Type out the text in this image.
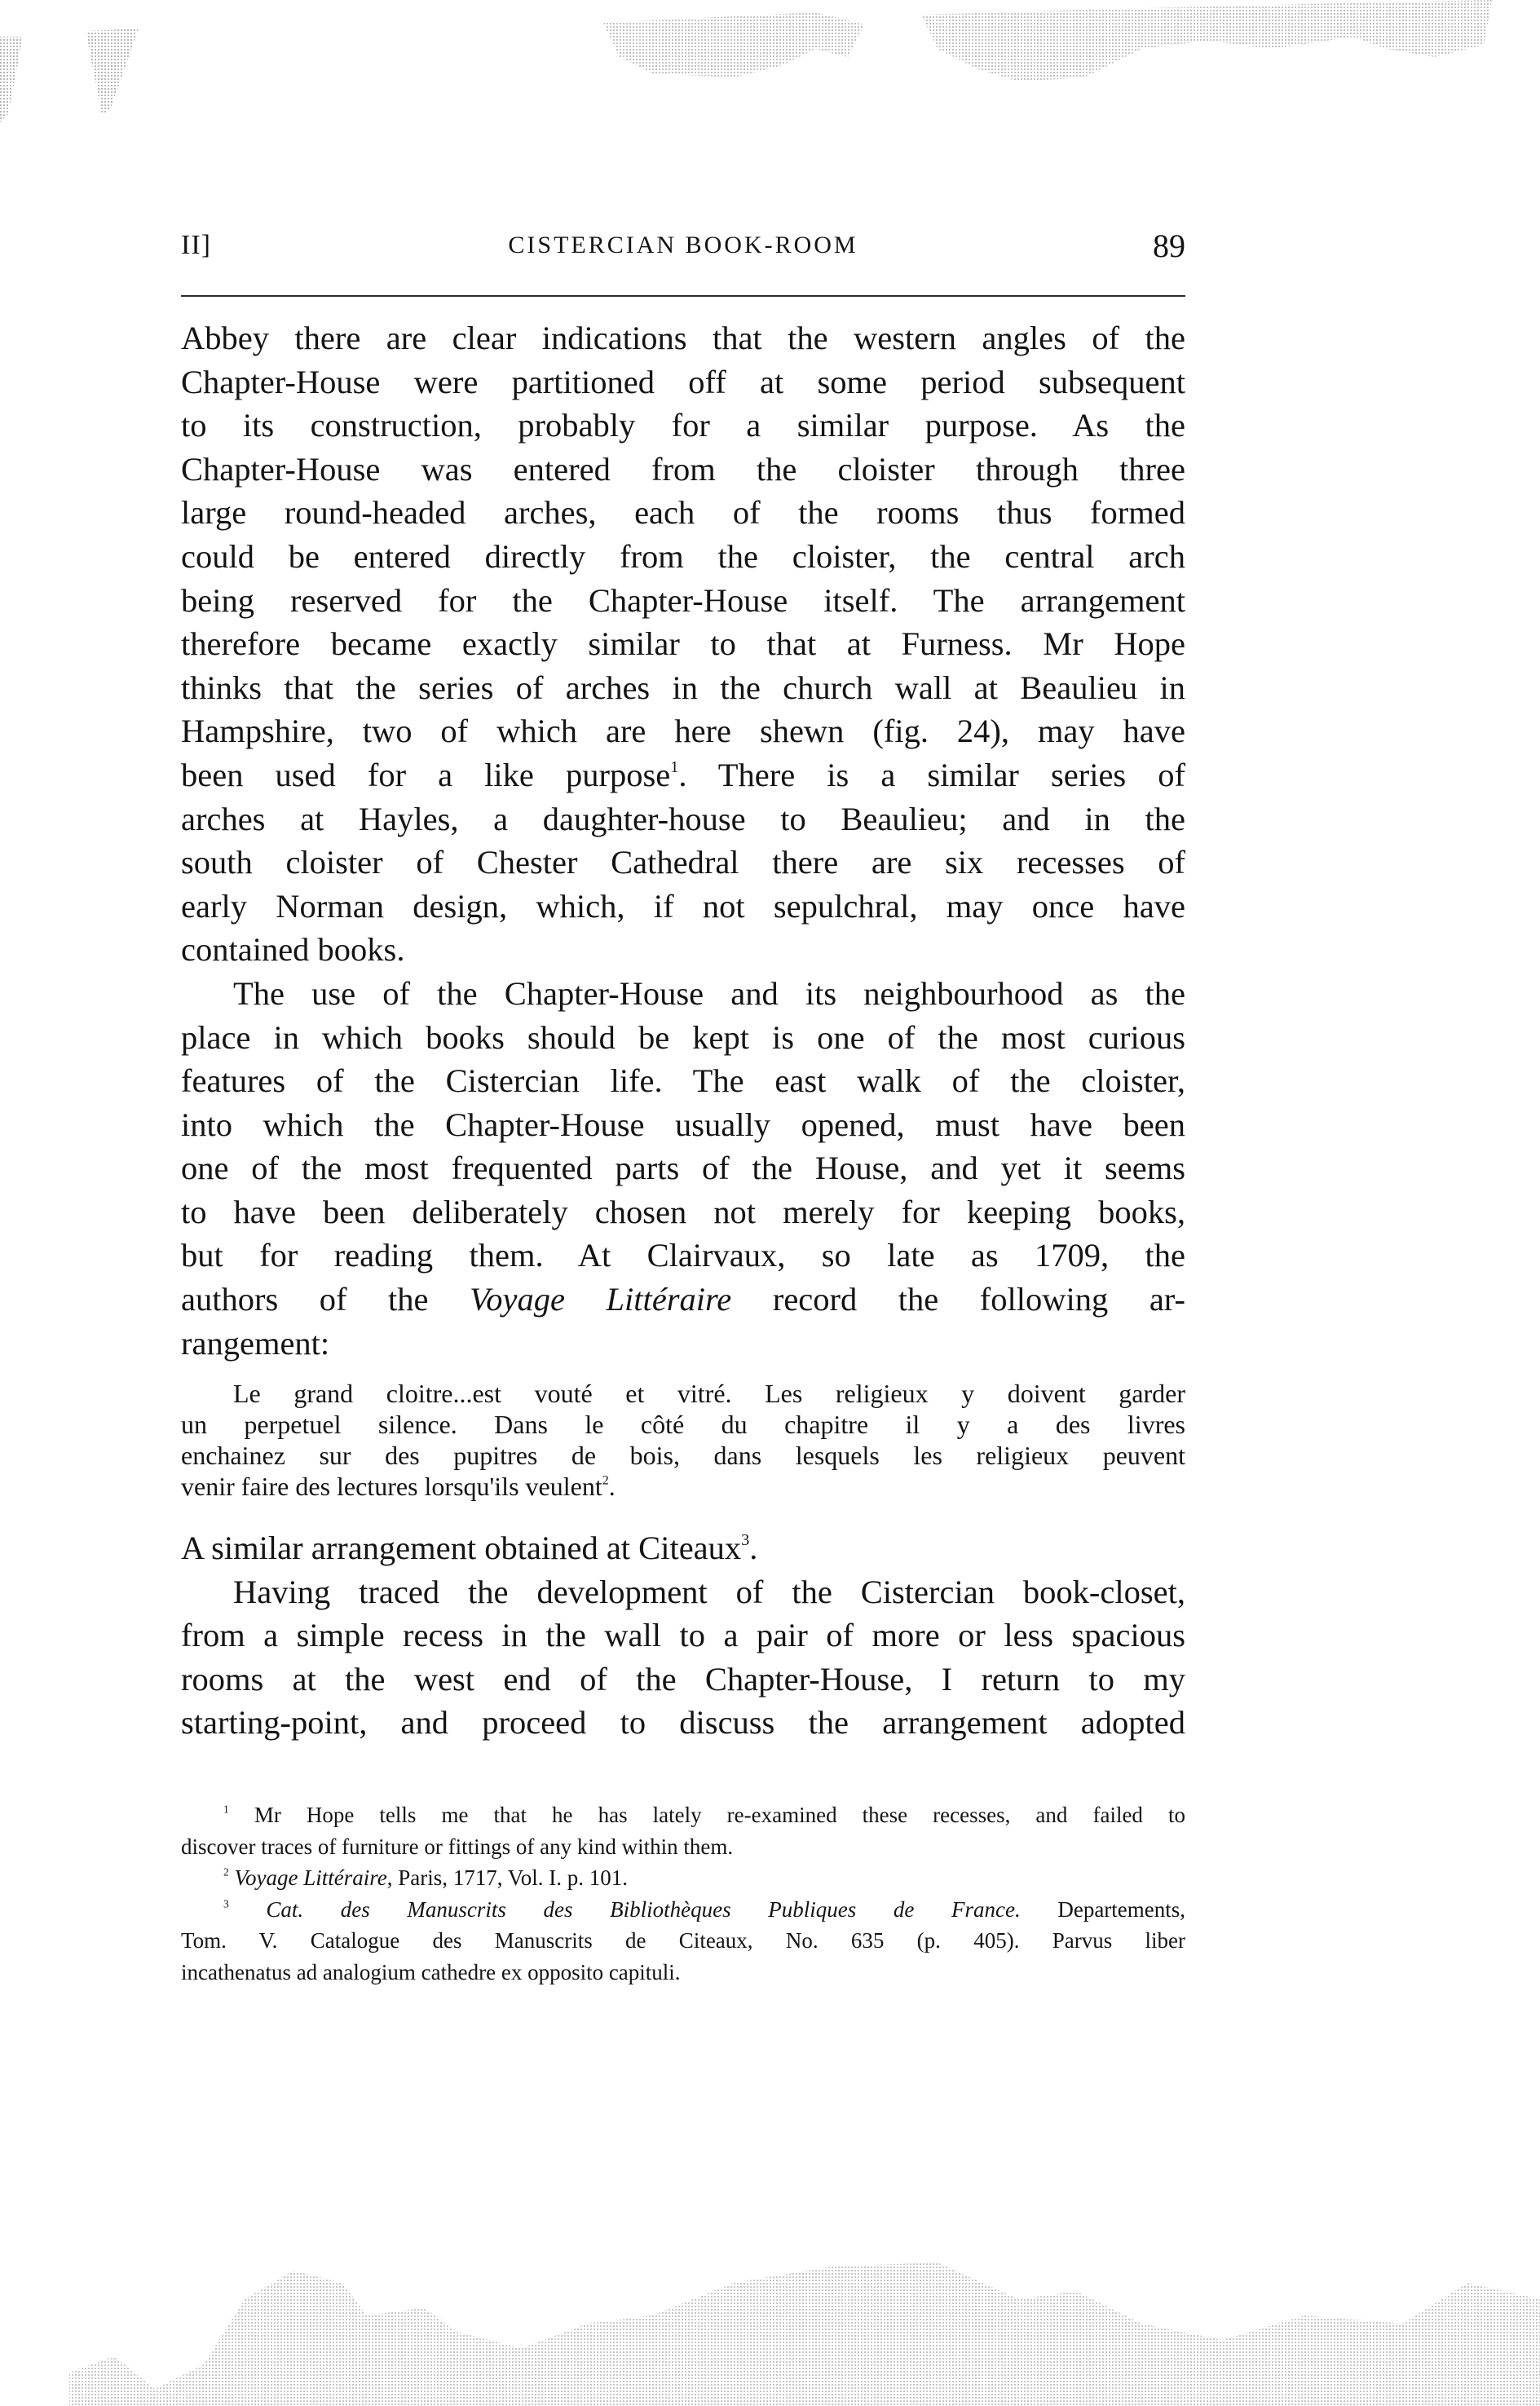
II]	CISTERCIAN BOOK-ROOM	89
Abbey there are clear indications that the western angles of the
Chapter-House were partitioned off at some period subsequent
to its construction, probably for a similar purpose. As the
Chapter-House was entered from the cloister through three
large round-headed arches, each of the rooms thus formed
could be entered directly from the cloister, the central arch
being reserved for the Chapter-House itself. The arrangement
therefore became exactly similar to that at Furness. Mr Hope
thinks that the series of arches in the church wall at Beaulieu in
Hampshire, two of which are here shewn (fig. 24), may have
been used for a like purpose$^1$. There is a similar series of
arches at Hayles, a daughter-house to Beaulieu; and in the
south cloister of Chester Cathedral there are six recesses of
early Norman design, which, if not sepulchral, may once have
contained books.
The use of the Chapter-House and its neighbourhood as the
place in which books should be kept is one of the most curious
features of the Cistercian life. The east walk of the cloister,
into which the Chapter-House usually opened, must have been
one of the most frequented parts of the House, and yet it seems
to have been deliberately chosen not merely for keeping books,
but for reading them. At Clairvaux, so late as 1709, the
authors of the Voyage Littéraire record the following ar-
rangement:
Le grand cloitre...est vouté et vitré. Les religieux y doivent garder
un perpetuel silence. Dans le côté du chapitre il y a des livres
enchainez sur des pupitres de bois, dans lesquels les religieux peuvent
venir faire des lectures lorsqu'ils veulent$^2$.
A similar arrangement obtained at Citeaux$^3$.
Having traced the development of the Cistercian book-closet,
from a simple recess in the wall to a pair of more or less spacious
rooms at the west end of the Chapter-House, I return to my
starting-point, and proceed to discuss the arrangement adopted
$^1$ Mr Hope tells me that he has lately re-examined these recesses, and failed to
discover traces of furniture or fittings of any kind within them.
$^2$ Voyage Littéraire, Paris, 1717, Vol. I. p. 101.
$^3$ Cat. des Manuscrits des Bibliothèques Publiques de France. Departements,
Tom. V. Catalogue des Manuscrits de Citeaux, No. 635 (p. 405). Parvus liber
incathenatus ad analogium cathedre ex opposito capituli.
